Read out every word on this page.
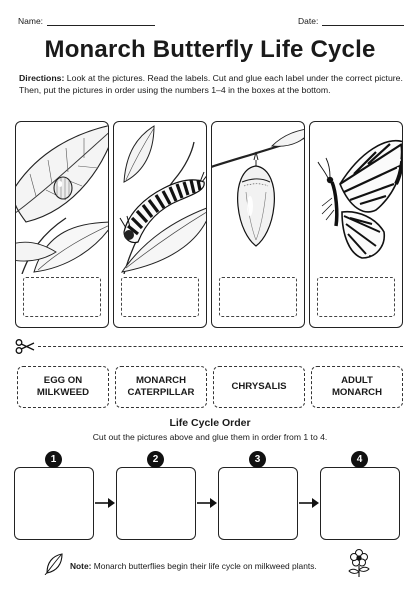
Name:	Date:
Monarch Butterfly Life Cycle
Directions: Look at the pictures. Read the labels. Cut and glue each label under the correct picture. Then, put the pictures in order using the numbers 1–4 in the boxes at the bottom.
EGG ON MILKWEED
MONARCH CATERPILLAR
CHRYSALIS
ADULT MONARCH
Life Cycle Order
Cut out the pictures above and glue them in order from 1 to 4.
1	2	3	4
Note: Monarch butterflies begin their life cycle on milkweed plants.
